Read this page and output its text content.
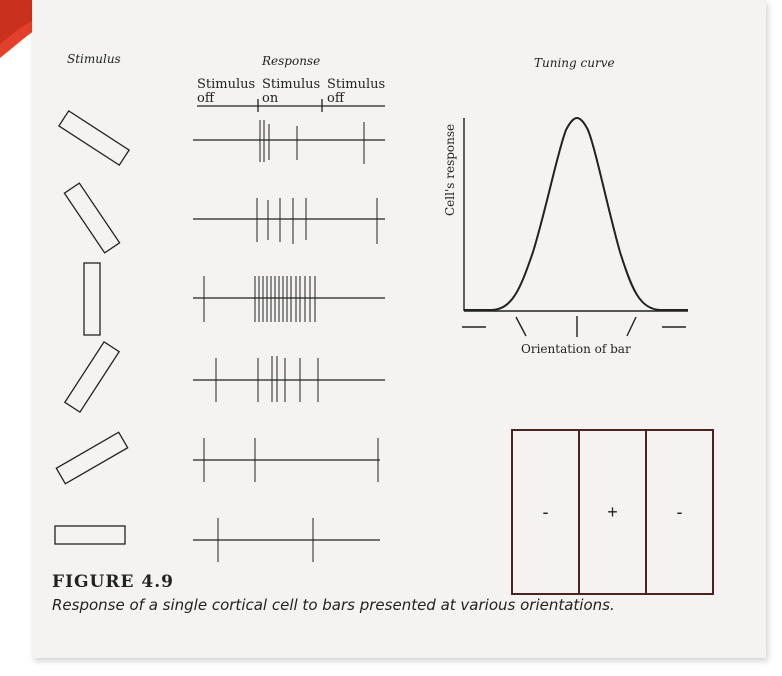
Stimulus	Response	Tuning curve
Stimulus
off
Stimulus
on
Stimulus
off
Cell's response
Orientation of bar
-	+	-
FIGURE 4.9
Response of a single cortical cell to bars presented at various orientations.
